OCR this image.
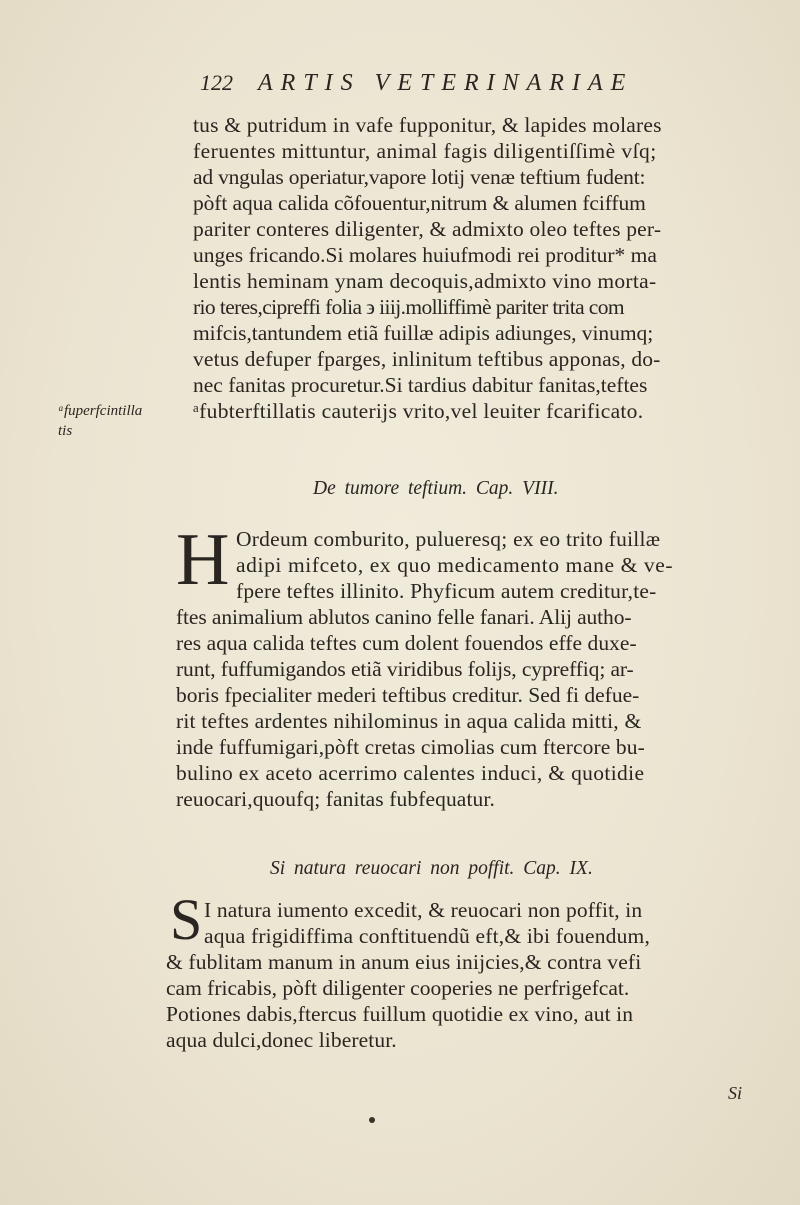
122 ARTIS VETERINARIAE
tus & putridum in vafe fupponitur, & lapides molares
feruentes mittuntur, animal fagis diligentiſſimè vſq;
ad vngulas operiatur,vapore lotij venæ teftium fudent:
pòft aqua calida cõfouentur,nitrum & alumen fciffum
pariter conteres diligenter, & admixto oleo teftes per-
unges fricando.Si molares huiufmodi rei proditur* ma
lentis heminam ynam decoquis,admixto vino morta-
rio teres,cipreffi folia ϶ iiij.molliffimè pariter trita com
mifcis,tantundem etiã fuillæ adipis adiunges, vinumq;
vetus defuper fparges, inlinitum teftibus apponas, do-
nec fanitas procuretur.Si tardius dabitur fanitas,teftes
ᵃfubterftillatis cauterijs vrito,vel leuiter fcarificato.
ᵃfuperfcintilla
tis
De tumore teftium. Cap. VIII.
H Ordeum comburito, pulueresq; ex eo trito fuillæ
adipi mifceto, ex quo medicamento mane & ve-
fpere teftes illinito. Phyficum autem creditur,te-
ftes animalium ablutos canino felle fanari. Alij autho-
res aqua calida teftes cum dolent fouendos effe duxe-
runt, fuffumigandos etiã viridibus folijs, cypreffiq; ar-
boris fpecialiter mederi teftibus creditur. Sed fi defue-
rit teftes ardentes nihilominus in aqua calida mitti, &
inde fuffumigari,pòft cretas cimolias cum ftercore bu-
bulino ex aceto acerrimo calentes induci, & quotidie
reuocari,quoufq; fanitas fubfequatur.
Si natura reuocari non poffit. Cap. IX.
S I natura iumento excedit, & reuocari non poffit, in
aqua frigidiffima conftituendũ eft,& ibi fouendum,
& fublitam manum in anum eius inijcies,& contra vefi
cam fricabis, pòft diligenter cooperies ne perfrigefcat.
Potiones dabis,ftercus fuillum quotidie ex vino, aut in
aqua dulci,donec liberetur.
Si
